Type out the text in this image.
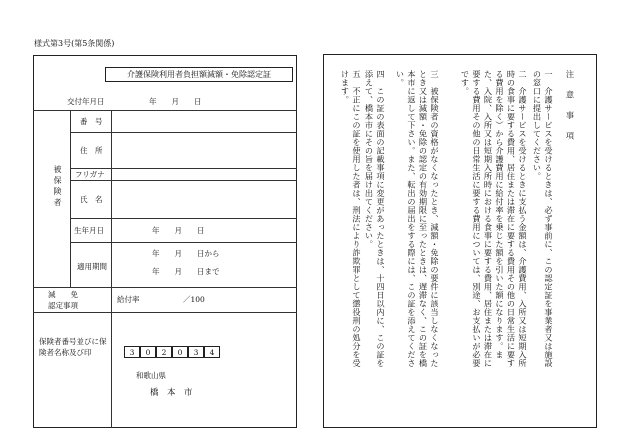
様式第3号(第5条関係)
介護保険利用者負担額減額・免除認定証
交付年月日	年　　月　　日
被保険者
番　号
住　所
フリガナ
氏　名
生年月日	年　　月　　日
適用期間
年　　月　　日から
年　　月　　日まで
減　　免
認定事項
給付率	／100
保険者番号並びに保険者名称及び印	3	0	2	0	3	4
和歌山県
橋　本　市
注　意　事　項
一　介護サービスを受けるときは、必ず事前に、この認定証を事業者又は施設の窓口に提出してください。
二　介護サービスを受けるときに支払う金額は、介護費用、入所又は短期入所時の食事に要する費用、居住または滞在に要する費用その他の日常生活に要する費用を除く）から介護費用に給付率を乗じた額を引いた額になります。また、入院、入所又は短期入所時における食事に要する費用、居住または滞在に要する費用その他の日常生活に要する費用については、別途、お支払いが必要です。
三　被保険者の資格がなくなったとき、減額・免除の要件に該当しなくなったとき又は減額・免除の認定の有効期限に至ったときは、遅滞なく、この証を橋本市に返して下さい。また、転出の届出をする際には、この証を添えてください。
四　この証の表面の記載事項に変更があったときは、十四日以内に、この証を添えて、橋本市にその旨を届け出てください。
五　不正にこの証を使用した者は、刑法により詐欺罪として懲役刑の処分を受けます。
